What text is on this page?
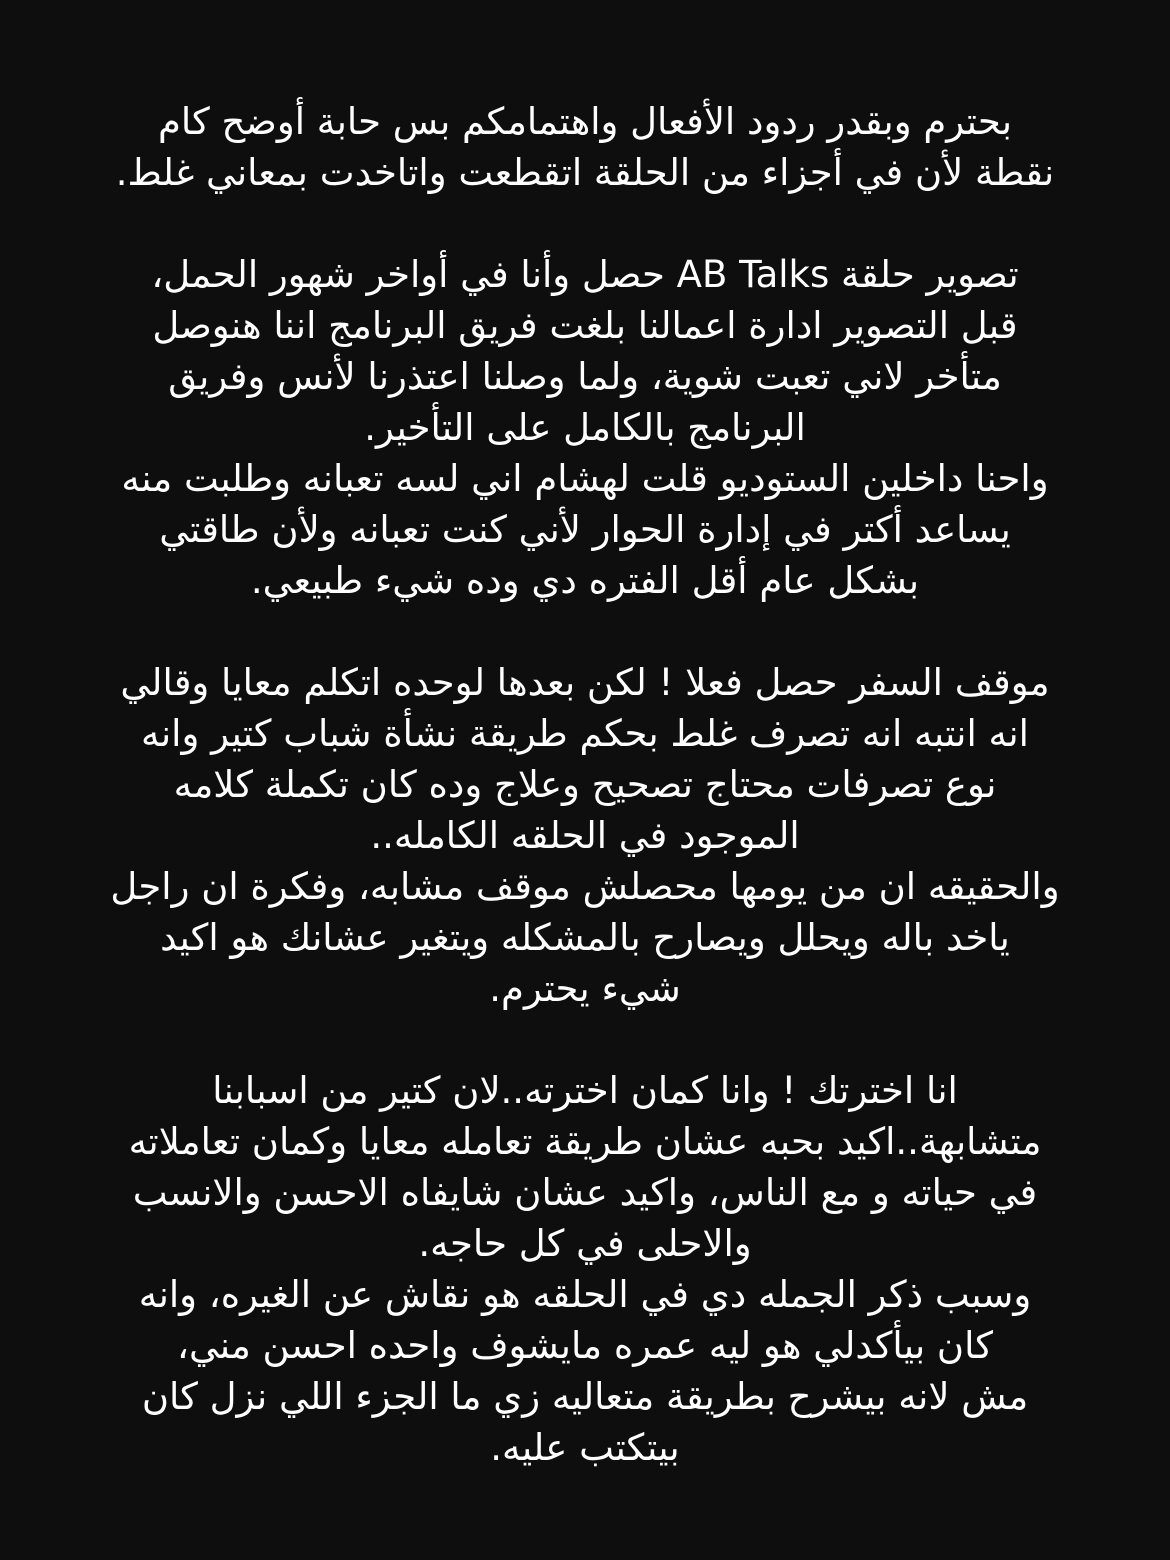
بحترم وبقدر ردود الأفعال واهتمامكم بس حابة أوضح كام
نقطة لأن في أجزاء من الحلقة اتقطعت واتاخدت بمعاني غلط.
تصوير حلقة AB Talks حصل وأنا في أواخر شهور الحمل،
قبل التصوير ادارة اعمالنا بلغت فريق البرنامج اننا هنوصل
متأخر لاني تعبت شوية، ولما وصلنا اعتذرنا لأنس وفريق
البرنامج بالكامل على التأخير.
واحنا داخلين الستوديو قلت لهشام اني لسه تعبانه وطلبت منه
يساعد أكتر في إدارة الحوار لأني كنت تعبانه ولأن طاقتي
بشكل عام أقل الفتره دي وده شيء طبيعي.
موقف السفر حصل فعلا ! لكن بعدها لوحده اتكلم معايا وقالي
انه انتبه انه تصرف غلط بحكم طريقة نشأة شباب كتير وانه
نوع تصرفات محتاج تصحيح وعلاج وده كان تكملة كلامه
الموجود في الحلقه الكامله..
والحقيقه ان من يومها محصلش موقف مشابه، وفكرة ان راجل
ياخد باله ويحلل ويصارح بالمشكله ويتغير عشانك هو اكيد
شيء يحترم.
انا اخترتك ! وانا كمان اخترته..لان كتير من اسبابنا
متشابهة..اكيد بحبه عشان طريقة تعامله معايا وكمان تعاملاته
في حياته و مع الناس، واكيد عشان شايفاه الاحسن والانسب
والاحلى في كل حاجه.
وسبب ذكر الجمله دي في الحلقه هو نقاش عن الغيره، وانه
كان بيأكدلي هو ليه عمره مايشوف واحده احسن مني،
مش لانه بيشرح بطريقة متعاليه زي ما الجزء اللي نزل كان
بيتكتب عليه.
